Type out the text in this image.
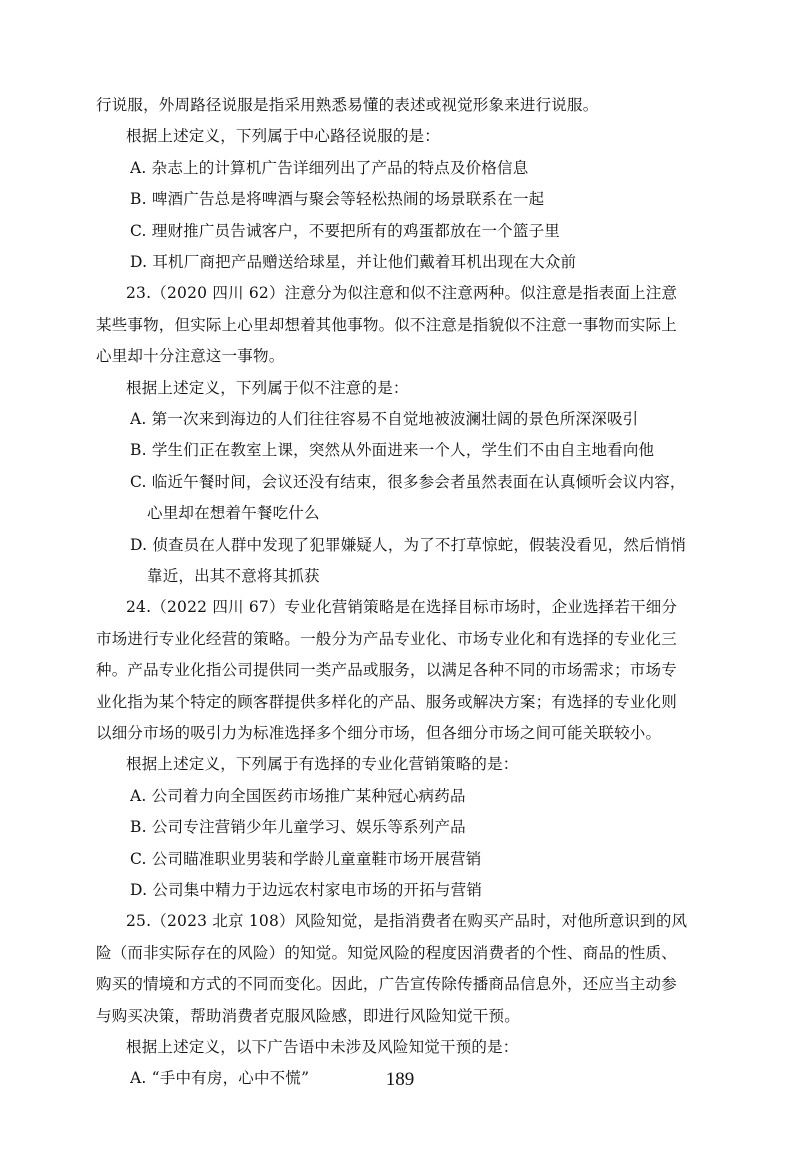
行说服，外周路径说服是指采用熟悉易懂的表述或视觉形象来进行说服。
根据上述定义，下列属于中心路径说服的是：
A. 杂志上的计算机广告详细列出了产品的特点及价格信息
B. 啤酒广告总是将啤酒与聚会等轻松热闹的场景联系在一起
C. 理财推广员告诫客户，不要把所有的鸡蛋都放在一个篮子里
D. 耳机厂商把产品赠送给球星，并让他们戴着耳机出现在大众前
23.（2020 四川 62）注意分为似注意和似不注意两种。似注意是指表面上注意
某些事物，但实际上心里却想着其他事物。似不注意是指貌似不注意一事物而实际上
心里却十分注意这一事物。
根据上述定义，下列属于似不注意的是：
A. 第一次来到海边的人们往往容易不自觉地被波澜壮阔的景色所深深吸引
B. 学生们正在教室上课，突然从外面进来一个人，学生们不由自主地看向他
C. 临近午餐时间，会议还没有结束，很多参会者虽然表面在认真倾听会议内容，
心里却在想着午餐吃什么
D. 侦查员在人群中发现了犯罪嫌疑人，为了不打草惊蛇，假装没看见，然后悄悄
靠近，出其不意将其抓获
24.（2022 四川 67）专业化营销策略是在选择目标市场时，企业选择若干细分
市场进行专业化经营的策略。一般分为产品专业化、市场专业化和有选择的专业化三
种。产品专业化指公司提供同一类产品或服务，以满足各种不同的市场需求；市场专
业化指为某个特定的顾客群提供多样化的产品、服务或解决方案；有选择的专业化则
以细分市场的吸引力为标准选择多个细分市场，但各细分市场之间可能关联较小。
根据上述定义，下列属于有选择的专业化营销策略的是：
A. 公司着力向全国医药市场推广某种冠心病药品
B. 公司专注营销少年儿童学习、娱乐等系列产品
C. 公司瞄准职业男装和学龄儿童童鞋市场开展营销
D. 公司集中精力于边远农村家电市场的开拓与营销
25.（2023 北京 108）风险知觉，是指消费者在购买产品时，对他所意识到的风
险（而非实际存在的风险）的知觉。知觉风险的程度因消费者的个性、商品的性质、
购买的情境和方式的不同而变化。因此，广告宣传除传播商品信息外，还应当主动参
与购买决策，帮助消费者克服风险感，即进行风险知觉干预。
根据上述定义，以下广告语中未涉及风险知觉干预的是：
A. “手中有房，心中不慌”	189
